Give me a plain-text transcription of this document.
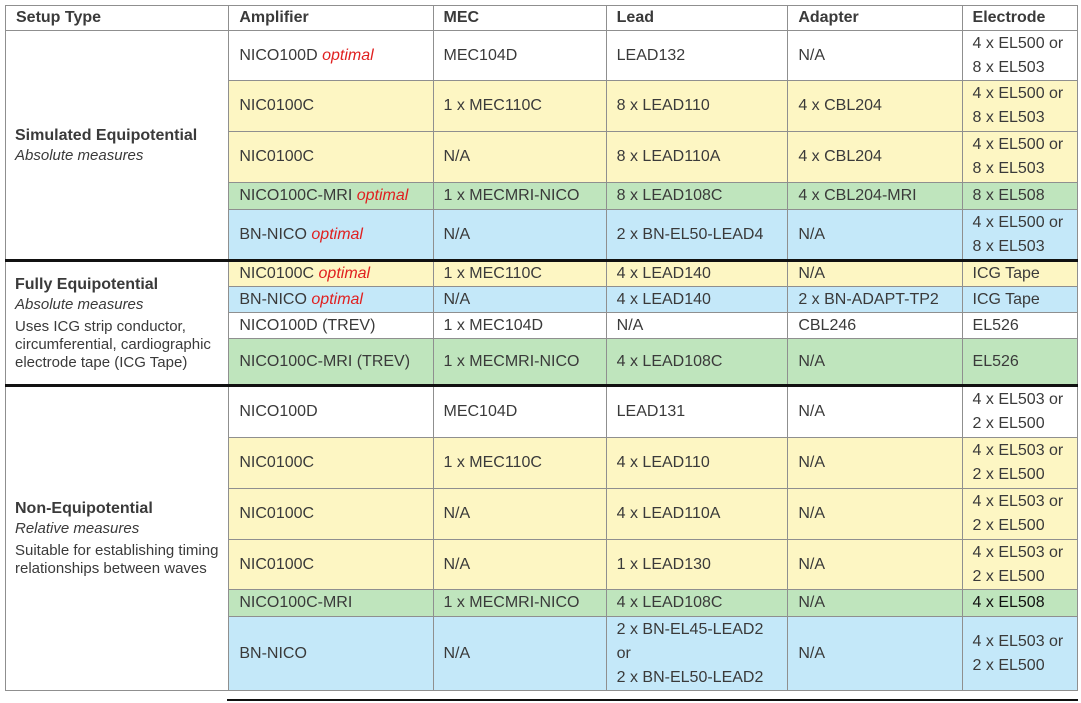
Setup Type	Amplifier	MEC	Lead	Adapter	Electrode

Simulated Equipotential
Absolute measures	NICO100D optimal	MEC104D	LEAD132	N/A	4 x EL500 or
8 x EL503
	NIC0100C	1 x MEC110C	8 x LEAD110	4 x CBL204	4 x EL500 or
8 x EL503
	NIC0100C	N/A	8 x LEAD110A	4 x CBL204	4 x EL500 or
8 x EL503
	NICO100C-MRI optimal	1 x MECMRI-NICO	8 x LEAD108C	4 x CBL204-MRI	8 x EL508
	BN-NICO optimal	N/A	2 x BN-EL50-LEAD4	N/A	4 x EL500 or
8 x EL503

Fully Equipotential
Absolute measures
Uses ICG strip conductor, circumferential, cardiographic electrode tape (ICG Tape)	NIC0100C optimal	1 x MEC110C	4 x LEAD140	N/A	ICG Tape
	BN-NICO optimal	N/A	4 x LEAD140	2 x BN-ADAPT-TP2	ICG Tape
	NICO100D (TREV)	1 x MEC104D	N/A	CBL246	EL526
	NICO100C-MRI (TREV)	1 x MECMRI-NICO	4 x LEAD108C	N/A	EL526

Non-Equipotential
Relative measures
Suitable for establishing timing relationships between waves	NICO100D	MEC104D	LEAD131	N/A	4 x EL503 or
2 x EL500
	NIC0100C	1 x MEC110C	4 x LEAD110	N/A	4 x EL503 or
2 x EL500
	NIC0100C	N/A	4 x LEAD110A	N/A	4 x EL503 or
2 x EL500
	NIC0100C	N/A	1 x LEAD130	N/A	4 x EL503 or
2 x EL500
	NICO100C-MRI	1 x MECMRI-NICO	4 x LEAD108C	N/A	4 x EL508
	BN-NICO	N/A	2 x BN-EL45-LEAD2
or
2 x BN-EL50-LEAD2	N/A	4 x EL503 or
2 x EL500
